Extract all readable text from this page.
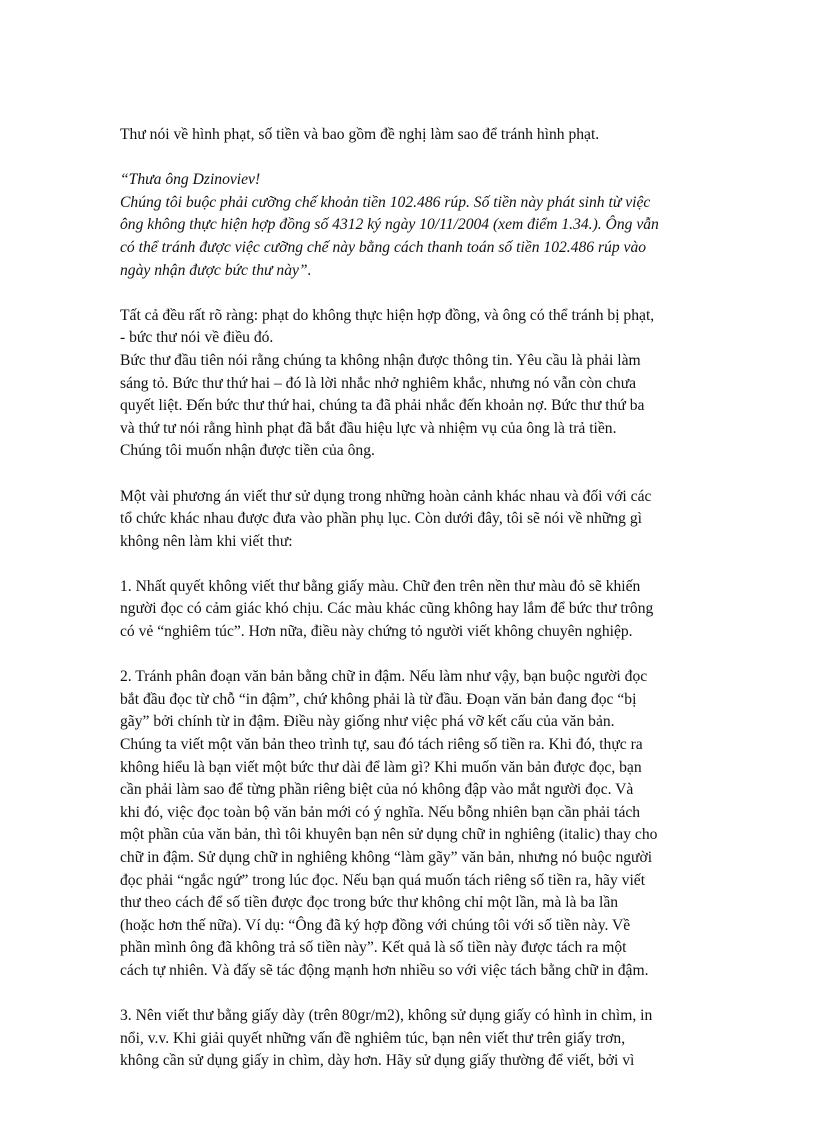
Thư nói về hình phạt, số tiền và bao gồm đề nghị làm sao để tránh hình phạt.

“Thưa ông Dzinoviev!
Chúng tôi buộc phải cưỡng chế khoản tiền 102.486 rúp. Số tiền này phát sinh từ việc
ông không thực hiện hợp đồng số 4312 ký ngày 10/11/2004 (xem điểm 1.34.). Ông vẫn
có thể tránh được việc cưỡng chế này bằng cách thanh toán số tiền 102.486 rúp vào
ngày nhận được bức thư này”.

Tất cả đều rất rõ ràng: phạt do không thực hiện hợp đồng, và ông có thể tránh bị phạt,
- bức thư nói về điều đó.
Bức thư đầu tiên nói rằng chúng ta không nhận được thông tin. Yêu cầu là phải làm
sáng tỏ. Bức thư thứ hai – đó là lời nhắc nhở nghiêm khắc, nhưng nó vẫn còn chưa
quyết liệt. Đến bức thư thứ hai, chúng ta đã phải nhắc đến khoản nợ. Bức thư thứ ba
và thứ tư nói rằng hình phạt đã bắt đầu hiệu lực và nhiệm vụ của ông là trả tiền.
Chúng tôi muốn nhận được tiền của ông.

Một vài phương án viết thư sử dụng trong những hoàn cảnh khác nhau và đối với các
tổ chức khác nhau được đưa vào phần phụ lục. Còn dưới đây, tôi sẽ nói về những gì
không nên làm khi viết thư:

1. Nhất quyết không viết thư bằng giấy màu. Chữ đen trên nền thư màu đỏ sẽ khiến
người đọc có cảm giác khó chịu. Các màu khác cũng không hay lắm để bức thư trông
có vẻ “nghiêm túc”. Hơn nữa, điều này chứng tỏ người viết không chuyên nghiệp.

2. Tránh phân đoạn văn bản bằng chữ in đậm. Nếu làm như vậy, bạn buộc người đọc
bắt đầu đọc từ chỗ “in đậm”, chứ không phải là từ đầu. Đoạn văn bản đang đọc “bị
gãy” bởi chính từ in đậm. Điều này giống như việc phá vỡ kết cấu của văn bản.
Chúng ta viết một văn bản theo trình tự, sau đó tách riêng số tiền ra. Khi đó, thực ra
không hiểu là bạn viết một bức thư dài để làm gì? Khi muốn văn bản được đọc, bạn
cần phải làm sao để từng phần riêng biệt của nó không đập vào mắt người đọc. Và
khi đó, việc đọc toàn bộ văn bản mới có ý nghĩa. Nếu bỗng nhiên bạn cần phải tách
một phần của văn bản, thì tôi khuyên bạn nên sử dụng chữ in nghiêng (italic) thay cho
chữ in đậm. Sử dụng chữ in nghiêng không “làm gãy” văn bản, nhưng nó buộc người
đọc phải “ngắc ngứ” trong lúc đọc. Nếu bạn quá muốn tách riêng số tiền ra, hãy viết
thư theo cách để số tiền được đọc trong bức thư không chỉ một lần, mà là ba lần
(hoặc hơn thế nữa). Ví dụ: “Ông đã ký hợp đồng với chúng tôi với số tiền này. Về
phần mình ông đã không trả số tiền này”. Kết quả là số tiền này được tách ra một
cách tự nhiên. Và đấy sẽ tác động mạnh hơn nhiều so với việc tách bằng chữ in đậm.

3. Nên viết thư bằng giấy dày (trên 80gr/m2), không sử dụng giấy có hình in chìm, in
nổi, v.v. Khi giải quyết những vấn đề nghiêm túc, bạn nên viết thư trên giấy trơn,
không cần sử dụng giấy in chìm, dày hơn. Hãy sử dụng giấy thường để viết, bởi vì
